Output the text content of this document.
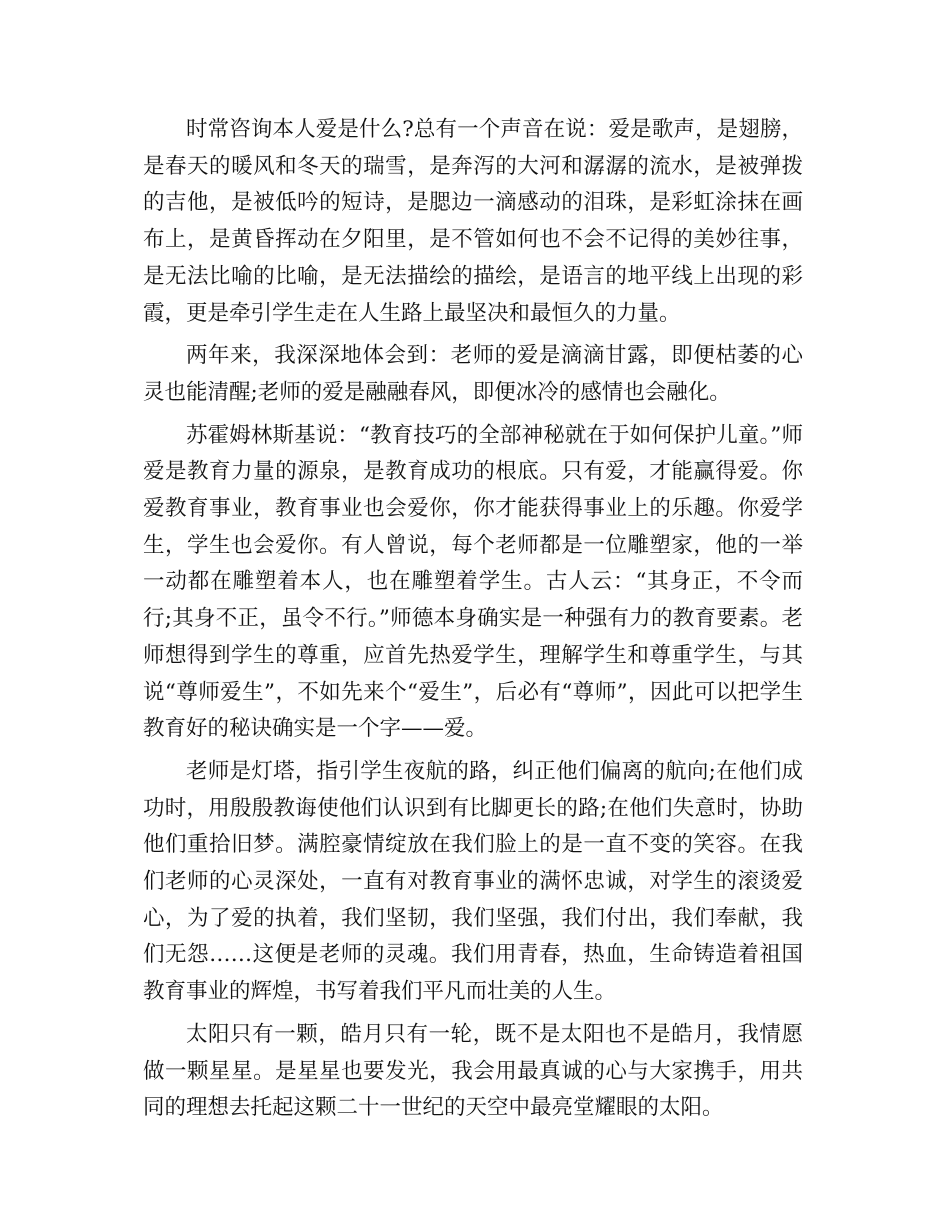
时常咨询本人爱是什么?总有一个声音在说：爱是歌声，是翅膀，是春天的暖风和冬天的瑞雪，是奔泻的大河和潺潺的流水，是被弹拨的吉他，是被低吟的短诗，是腮边一滴感动的泪珠，是彩虹涂抹在画布上，是黄昏挥动在夕阳里，是不管如何也不会不记得的美妙往事，是无法比喻的比喻，是无法描绘的描绘，是语言的地平线上出现的彩霞，更是牵引学生走在人生路上最坚决和最恒久的力量。

两年来，我深深地体会到：老师的爱是滴滴甘露，即便枯萎的心灵也能清醒;老师的爱是融融春风，即便冰冷的感情也会融化。

苏霍姆林斯基说：“教育技巧的全部神秘就在于如何保护儿童。”师爱是教育力量的源泉，是教育成功的根底。只有爱，才能赢得爱。你爱教育事业，教育事业也会爱你，你才能获得事业上的乐趣。你爱学生，学生也会爱你。有人曾说，每个老师都是一位雕塑家，他的一举一动都在雕塑着本人，也在雕塑着学生。古人云：“其身正，不令而行;其身不正，虽令不行。”师德本身确实是一种强有力的教育要素。老师想得到学生的尊重，应首先热爱学生，理解学生和尊重学生，与其说“尊师爱生”，不如先来个“爱生”，后必有“尊师”，因此可以把学生教育好的秘诀确实是一个字——爱。

老师是灯塔，指引学生夜航的路，纠正他们偏离的航向;在他们成功时，用殷殷教诲使他们认识到有比脚更长的路;在他们失意时，协助他们重拾旧梦。满腔豪情绽放在我们脸上的是一直不变的笑容。在我们老师的心灵深处，一直有对教育事业的满怀忠诚，对学生的滚烫爱心，为了爱的执着，我们坚韧，我们坚强，我们付出，我们奉献，我们无怨……这便是老师的灵魂。我们用青春，热血，生命铸造着祖国教育事业的辉煌，书写着我们平凡而壮美的人生。

太阳只有一颗，皓月只有一轮，既不是太阳也不是皓月，我情愿做一颗星星。是星星也要发光，我会用最真诚的心与大家携手，用共同的理想去托起这颗二十一世纪的天空中最亮堂耀眼的太阳。
